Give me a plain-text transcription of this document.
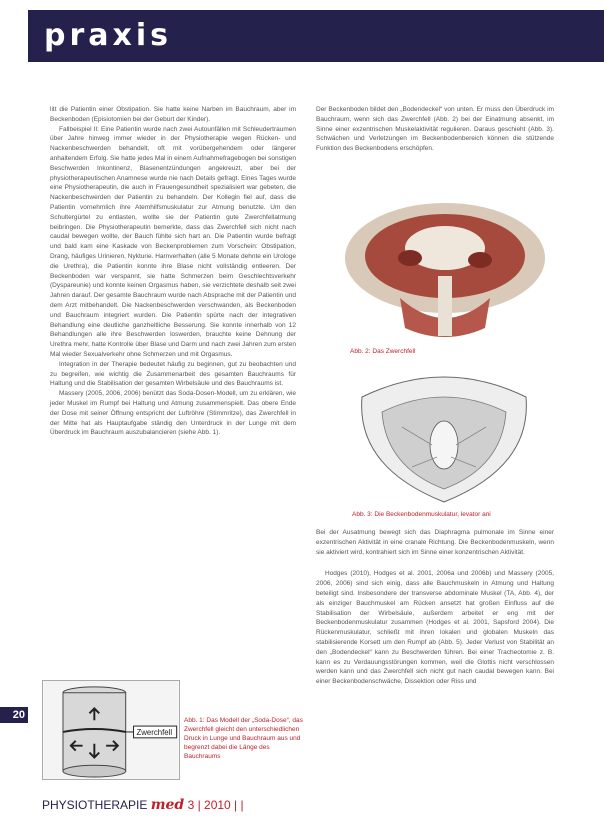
praxis

litt die Patientin einer Obstipation. Sie hatte keine Narben im Bauchraum, aber im Beckenboden (Episiotomien bei der Geburt der Kinder).

Fallbeispiel II: Eine Patientin wurde nach zwei Autounfällen mit Schleudertraumen über Jahre hinweg immer wieder in der Physiotherapie wegen Rücken- und Nackenbeschwerden behandelt, oft mit vorübergehendem oder längerer anhaltendem Erfolg. Sie hatte jedes Mal in einem Aufnahmefragebogen bei sonstigen Beschwerden Inkontinenz, Blasenentzündungen angekreuzt, aber bei der physiotherapeutischen Anamnese wurde nie nach Details gefragt. Eines Tages wurde eine Physiotherapeutin, die auch in Frauengesundheit spezialisiert war gebeten, die Nackenbeschwerden der Patientin zu behandeln. Der Kollegin fiel auf, dass die Patientin vornehmlich ihre Atemhilfsmuskulatur zur Atmung benutzte. Um den Schultergürtel zu entlasten, wollte sie der Patientin gute Zwerchfellatmung beibringen. Die Physiotherapeutin bemerkte, dass das Zwerchfell sich nicht nach caudal bewegen wollte, der Bauch fühlte sich hart an. Die Patientin wurde befragt und bald kam eine Kaskade von Beckenproblemen zum Vorschein: Obstipation, Drang, häufiges Urinieren, Nykturie. Harnverhalten (alle 5 Monate dehnte ein Urologe die Urethra), die Patientin konnte ihre Blase nicht vollständig entleeren. Der Beckenboden war verspannt, sie hatte Schmerzen beim Geschlechtsverkehr (Dyspareunie) und konnte keinen Orgasmus haben, sie verzichtete deshalb seit zwei Jahren darauf. Der gesamte Bauchraum wurde nach Absprache mit der Patientin und dem Arzt mitbehandelt. Die Nackenbeschwerden verschwanden, als Beckenboden und Bauchraum integriert wurden. Die Patientin spürte nach der integrativen Behandlung eine deutliche ganzheitliche Besserung. Sie konnte innerhalb von 12 Behandlungen alle ihre Beschwerden loswerden, brauchte keine Dehnung der Urethra mehr, hatte Kontrolle über Blase und Darm und nach zwei Jahren zum ersten Mal wieder Sexualverkehr ohne Schmerzen und mit Orgasmus.

Integration in der Therapie bedeutet häufig zu beginnen, gut zu beobachten und zu begreifen, wie wichtig die Zusammenarbeit des gesamten Bauchraums für Haltung und die Stabilisation der gesamten Wirbelsäule und des Bauchraums ist.

Massery (2005, 2006, 2006) benützt das Soda-Dosen-Modell, um zu erklären, wie jeder Muskel im Rumpf bei Haltung und Atmung zusammenspielt. Das obere Ende der Dose mit seiner Öffnung entspricht der Luftröhre (Stimmritze), das Zwerchfell in der Mitte hat als Hauptaufgabe ständig den Unterdruck in der Lunge mit dem Überdruck im Bauchraum auszubalancieren (siehe Abb. 1).

Der Beckenboden bildet den „Bodendeckel“ von unten. Er muss den Überdruck im Bauchraum, wenn sich das Zwerchfell (Abb. 2) bei der Einatmung absenkt, im Sinne einer exzentrischen Muskelaktivität regulieren. Daraus geschieht (Abb. 3). Schwächen und Verletzungen im Beckenbodenbereich können die stützende Funktion des Beckenbodens erschöpfen.

Abb. 2: Das Zwerchfell
Abb. 3: Die Beckenbodenmuskulatur, levator ani

Bei der Ausatmung bewegt sich das Diaphragma pulmonale im Sinne einer exzentrischen Aktivität in eine cranale Richtung. Die Beckenbodenmuskeln, wenn sie aktiviert wird, kontrahiert sich im Sinne einer konzentrischen Aktivität.

Hodges (2010), Hodges et al. 2001, 2006a und 2006b) und Massery (2005, 2006, 2006) sind sich einig, dass alle Bauchmuskeln in Atmung und Haltung beteiligt sind. Insbesondere der transverse abdominale Muskel (TA, Abb. 4), der als einziger Bauchmuskel am Rücken ansetzt hat großen Einfluss auf die Stabilisation der Wirbelsäule, außerdem arbeitet er eng mit der Beckenbodenmuskulatur zusammen (Hodges et al. 2001, Sapsford 2004). Die Rückenmuskulatur, schließt mit ihren lokalen und globalen Muskeln das stabilisierende Korsett um den Rumpf ab (Abb. 5). Jeder Verlust von Stabilität an den „Bodendeckel“ kann zu Beschwerden führen. Bei einer Tracheotomie z. B. kann es zu Verdauungsstörungen kommen, weil die Glottis nicht verschlossen werden kann und das Zwerchfell sich nicht gut nach caudal bewegen kann. Bei einer Beckenbodenschwäche, Dissektion oder Riss und

Zwerchfell
Abb. 1: Das Modell der „Soda-Dose“, das Zwerchfell gleicht den unterschiedlichen Druck in Lunge und Bauchraum aus und begrenzt dabei die Länge des Bauchraums
20
PHYSIOTHERAPIE med 3 | 2010 | |
